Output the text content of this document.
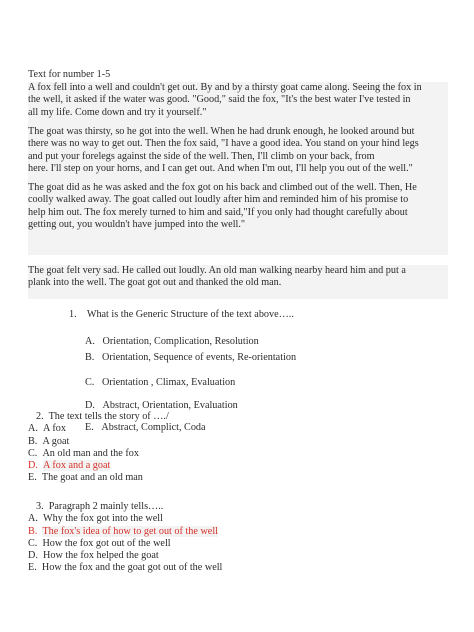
Text for number 1-5
A fox fell into a well and couldn't get out. By and by a thirsty goat came along. Seeing the fox in
the well, it asked if the water was good. "Good," said the fox, "It's the best water I've tested in
all my life. Come down and try it yourself."
The goat was thirsty, so he got into the well. When he had drunk enough, he looked around but
there was no way to get out. Then the fox said, "I have a good idea. You stand on your hind legs
and put your forelegs against the side of the well. Then, I'll climb on your back, from
here. I'll step on your horns, and I can get out. And when I'm out, I'll help you out of the well."
The goat did as he was asked and the fox got on his back and climbed out of the well. Then, He
coolly walked away. The goat called out loudly after him and reminded him of his promise to
help him out. The fox merely turned to him and said,"If you only had thought carefully about
getting out, you wouldn't have jumped into the well."
The goat felt very sad. He called out loudly. An old man walking nearby heard him and put a
plank into the well. The goat got out and thanked the old man.
1. What is the Generic Structure of the text above…..
2. The text tells the story of …./
A. A fox
B. A goat
C. An old man and the fox
D. A fox and a goat
E. The goat and an old man
3. Paragraph 2 mainly tells…..
A. Why the fox got into the well
B. The fox's idea of how to get out of the well
C. How the fox got out of the well
D. How the fox helped the goat
E. How the fox and the goat got out of the well
A. Orientation, Complication, Resolution
B. Orientation, Sequence of events, Re-orientation
C. Orientation , Climax, Evaluation
D. Abstract, Orientation, Evaluation
E. Abstract, Complict, Coda
